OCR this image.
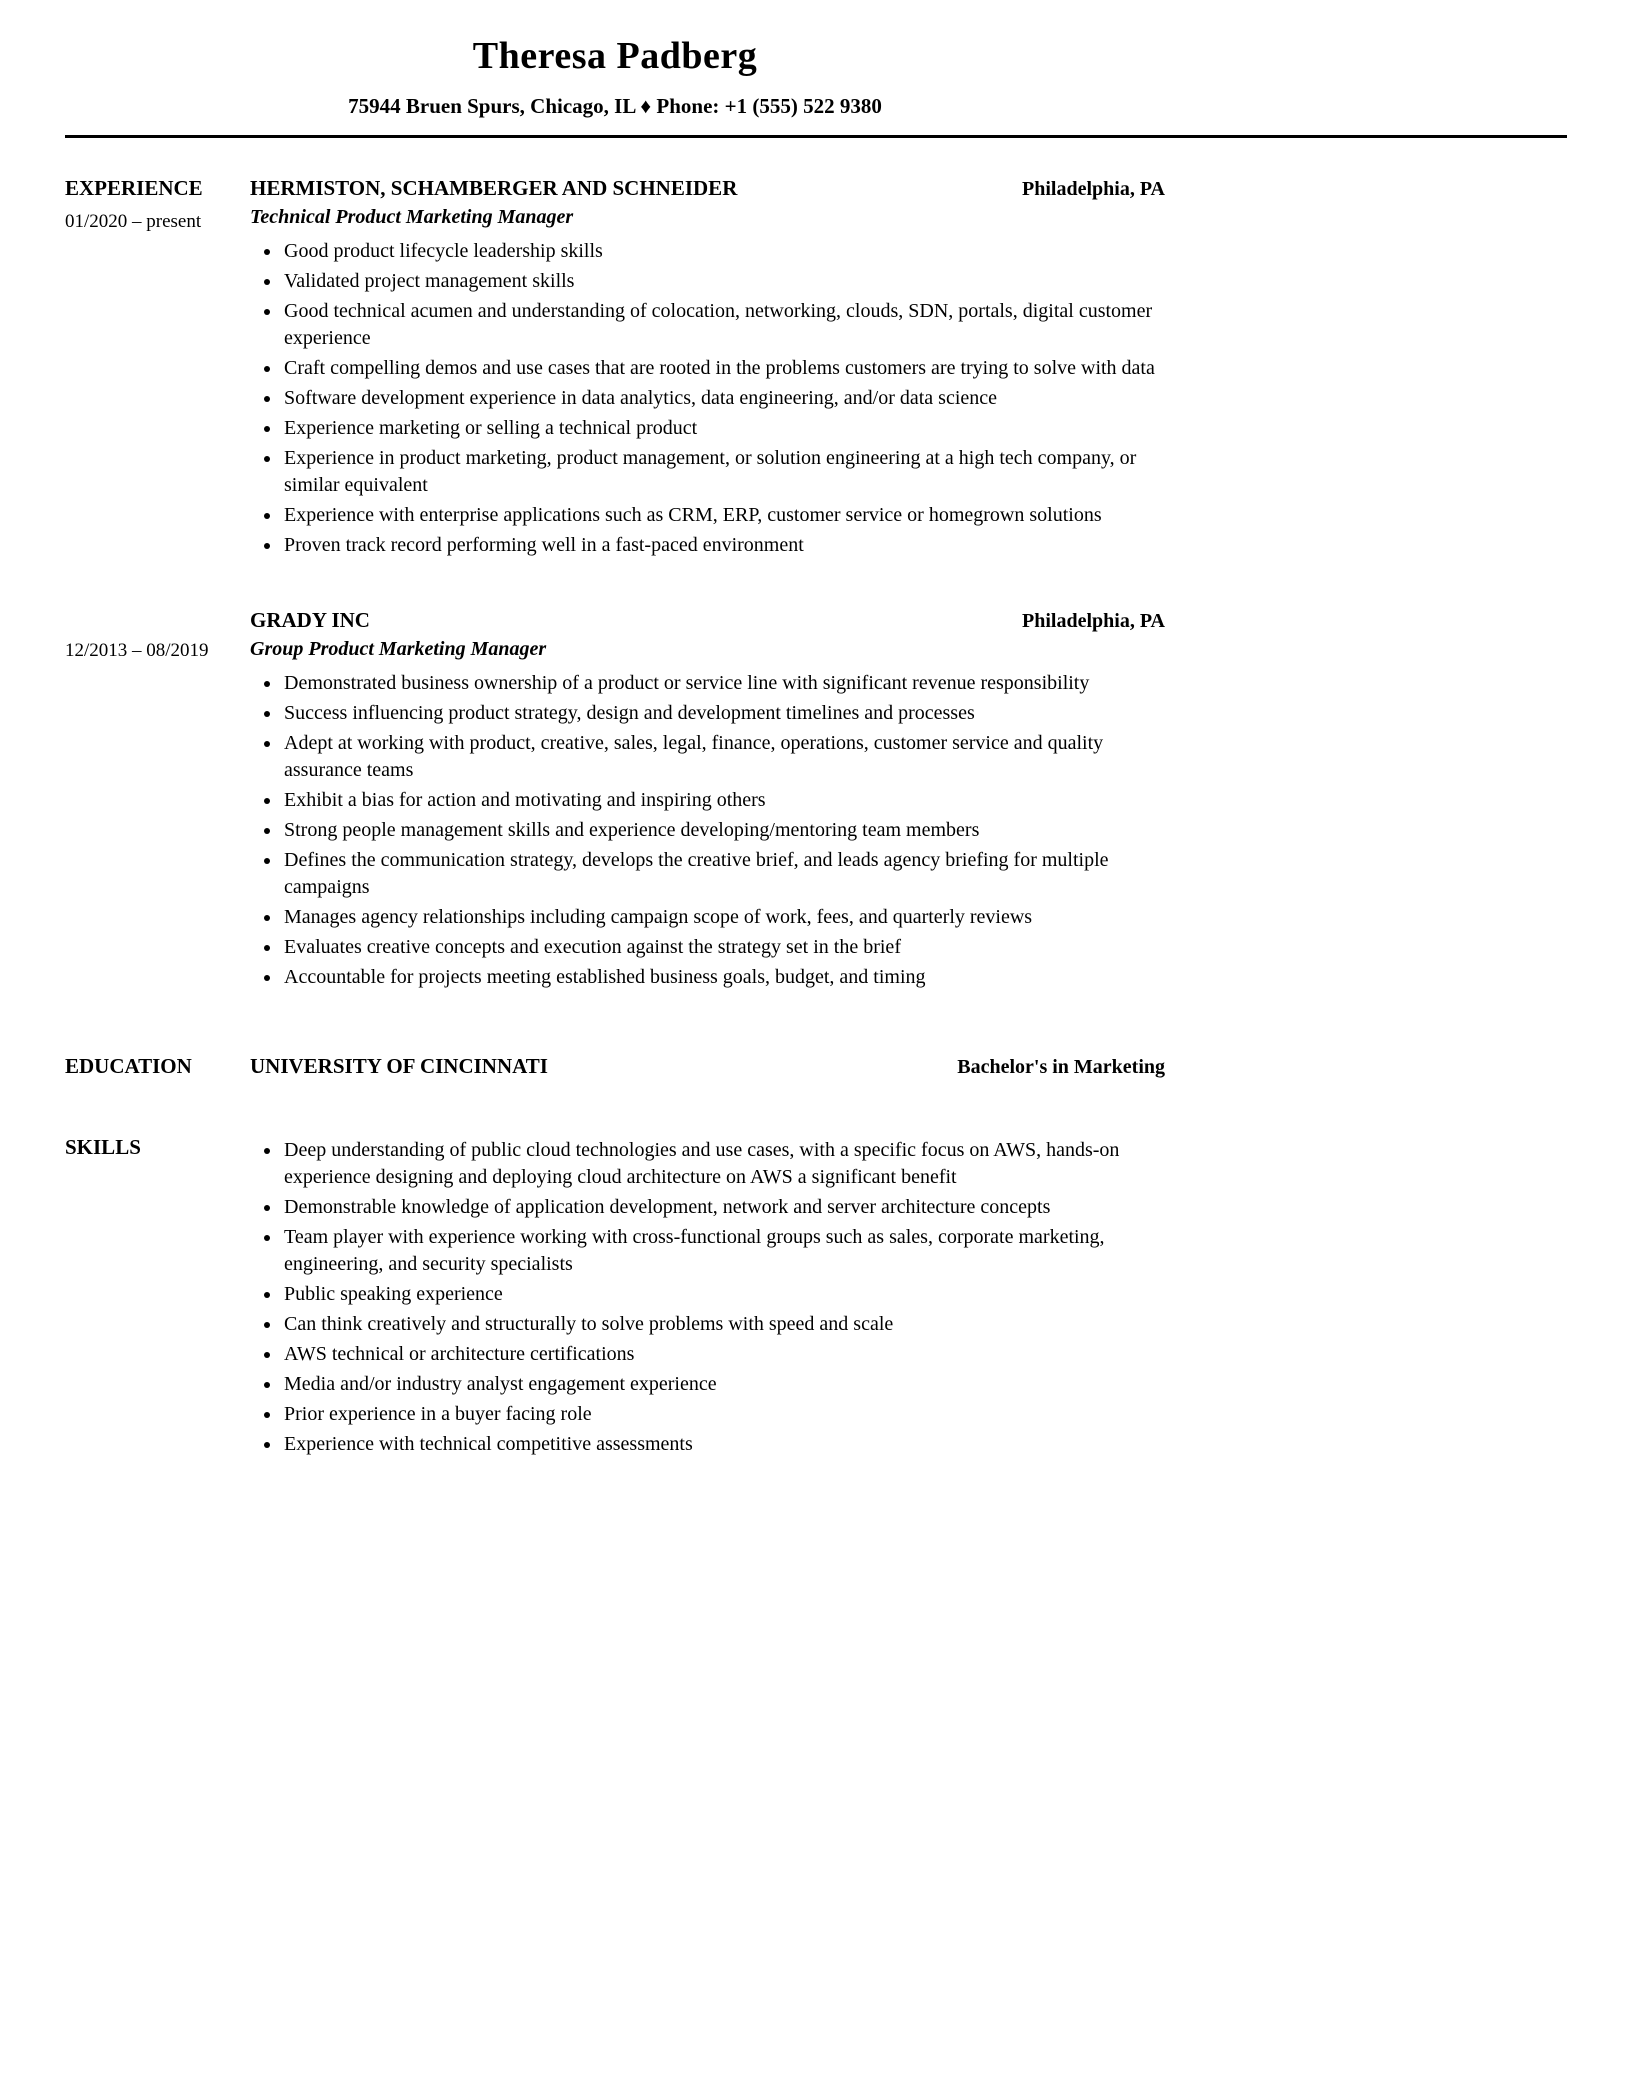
Theresa Padberg
75944 Bruen Spurs, Chicago, IL ♦ Phone: +1 (555) 522 9380
EXPERIENCE
01/2020 – present
HERMISTON, SCHAMBERGER AND SCHNEIDER	Philadelphia, PA
Technical Product Marketing Manager
• Good product lifecycle leadership skills
• Validated project management skills
• Good technical acumen and understanding of colocation, networking, clouds, SDN, portals, digital customer experience
• Craft compelling demos and use cases that are rooted in the problems customers are trying to solve with data
• Software development experience in data analytics, data engineering, and/or data science
• Experience marketing or selling a technical product
• Experience in product marketing, product management, or solution engineering at a high tech company, or similar equivalent
• Experience with enterprise applications such as CRM, ERP, customer service or homegrown solutions
• Proven track record performing well in a fast-paced environment
12/2013 – 08/2019
GRADY INC	Philadelphia, PA
Group Product Marketing Manager
• Demonstrated business ownership of a product or service line with significant revenue responsibility
• Success influencing product strategy, design and development timelines and processes
• Adept at working with product, creative, sales, legal, finance, operations, customer service and quality assurance teams
• Exhibit a bias for action and motivating and inspiring others
• Strong people management skills and experience developing/mentoring team members
• Defines the communication strategy, develops the creative brief, and leads agency briefing for multiple campaigns
• Manages agency relationships including campaign scope of work, fees, and quarterly reviews
• Evaluates creative concepts and execution against the strategy set in the brief
• Accountable for projects meeting established business goals, budget, and timing
EDUCATION	UNIVERSITY OF CINCINNATI	Bachelor's in Marketing
SKILLS	• Deep understanding of public cloud technologies and use cases, with a specific focus on AWS, hands-on experience designing and deploying cloud architecture on AWS a significant benefit
• Demonstrable knowledge of application development, network and server architecture concepts
• Team player with experience working with cross-functional groups such as sales, corporate marketing, engineering, and security specialists
• Public speaking experience
• Can think creatively and structurally to solve problems with speed and scale
• AWS technical or architecture certifications
• Media and/or industry analyst engagement experience
• Prior experience in a buyer facing role
• Experience with technical competitive assessments
